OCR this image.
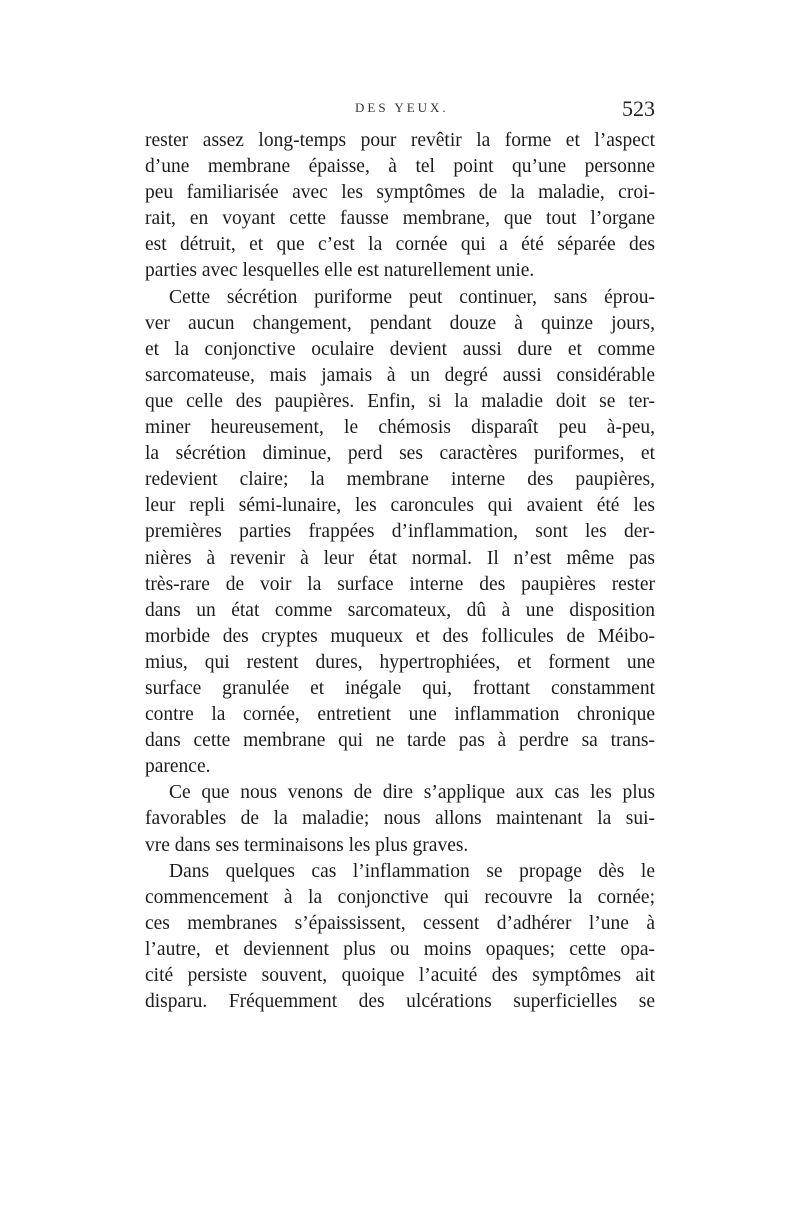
DES YEUX.	523
rester assez long-temps pour revêtir la forme et l’aspect
d’une membrane épaisse, à tel point qu’une personne
peu familiarisée avec les symptômes de la maladie, croi-
rait, en voyant cette fausse membrane, que tout l’organe
est détruit, et que c’est la cornée qui a été séparée des
parties avec lesquelles elle est naturellement unie.
Cette sécrétion puriforme peut continuer, sans éprou-
ver aucun changement, pendant douze à quinze jours,
et la conjonctive oculaire devient aussi dure et comme
sarcomateuse, mais jamais à un degré aussi considérable
que celle des paupières. Enfin, si la maladie doit se ter-
miner heureusement, le chémosis disparaît peu à-peu,
la sécrétion diminue, perd ses caractères puriformes, et
redevient claire; la membrane interne des paupières,
leur repli sémi-lunaire, les caroncules qui avaient été les
premières parties frappées d’inflammation, sont les der-
nières à revenir à leur état normal. Il n’est même pas
très-rare de voir la surface interne des paupières rester
dans un état comme sarcomateux, dû à une disposition
morbide des cryptes muqueux et des follicules de Méibo-
mius, qui restent dures, hypertrophiées, et forment une
surface granulée et inégale qui, frottant constamment
contre la cornée, entretient une inflammation chronique
dans cette membrane qui ne tarde pas à perdre sa trans-
parence.
Ce que nous venons de dire s’applique aux cas les plus
favorables de la maladie; nous allons maintenant la sui-
vre dans ses terminaisons les plus graves.
Dans quelques cas l’inflammation se propage dès le
commencement à la conjonctive qui recouvre la cornée;
ces membranes s’épaississent, cessent d’adhérer l’une à
l’autre, et deviennent plus ou moins opaques; cette opa-
cité persiste souvent, quoique l’acuité des symptômes ait
disparu. Fréquemment des ulcérations superficielles se
